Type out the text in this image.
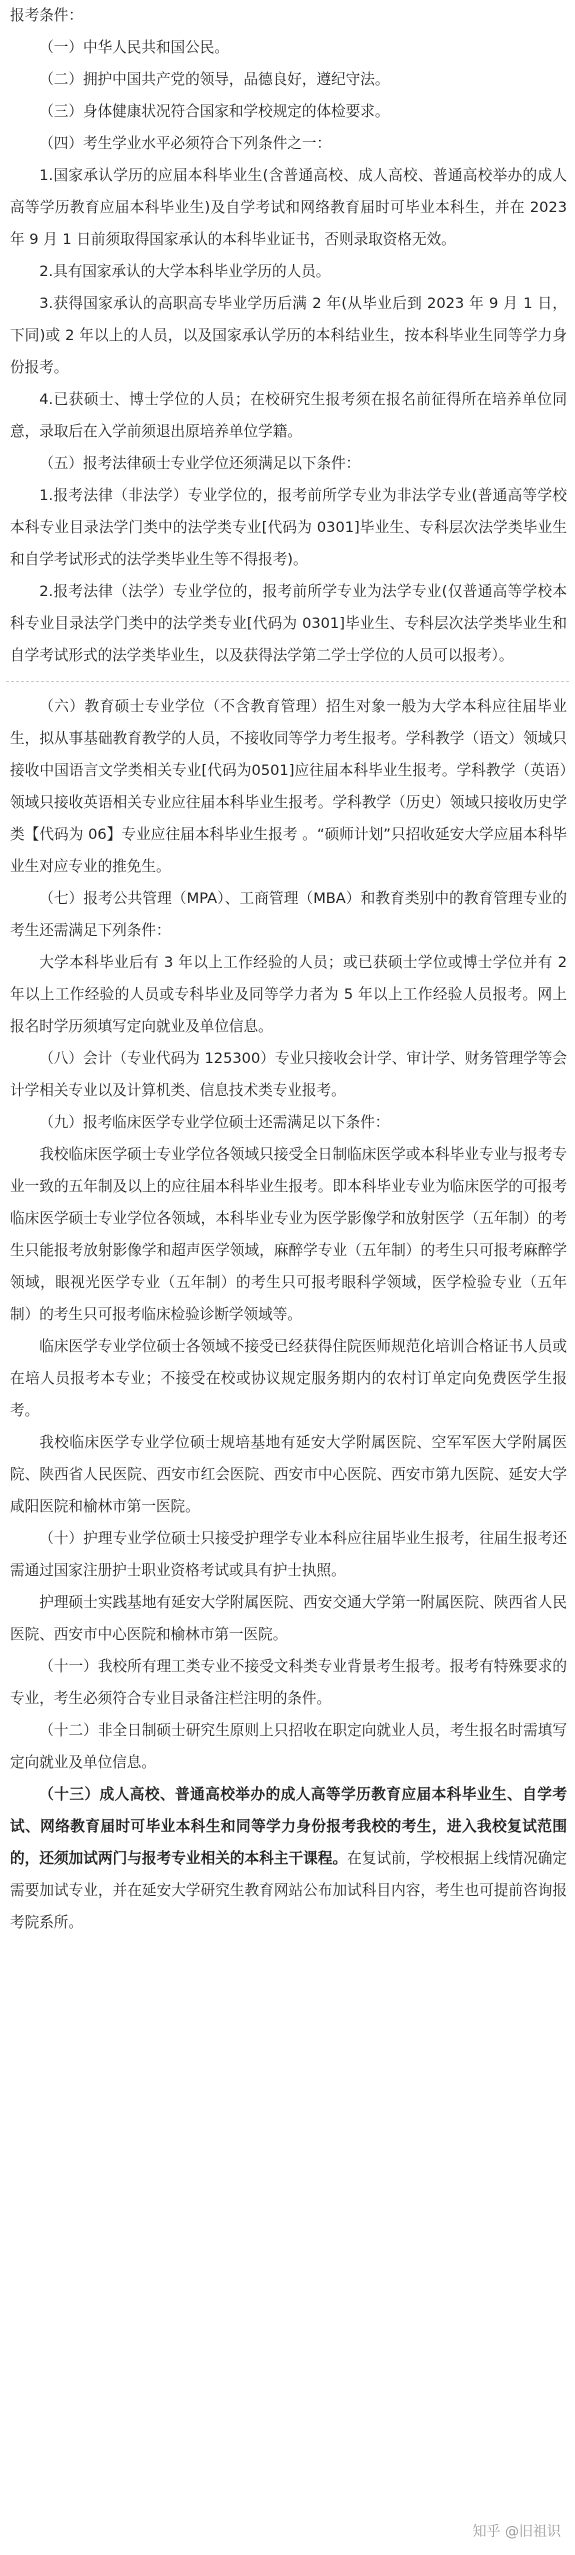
报考条件：

（一）中华人民共和国公民。

（二）拥护中国共产党的领导，品德良好，遵纪守法。

（三）身体健康状况符合国家和学校规定的体检要求。

（四）考生学业水平必须符合下列条件之一：

1.国家承认学历的应届本科毕业生(含普通高校、成人高校、普通高校举办的成人高等学历教育应届本科毕业生)及自学考试和网络教育届时可毕业本科生，并在 2023 年 9 月 1 日前须取得国家承认的本科毕业证书，否则录取资格无效。

2.具有国家承认的大学本科毕业学历的人员。

3.获得国家承认的高职高专毕业学历后满 2 年(从毕业后到 2023 年 9 月 1 日，下同)或 2 年以上的人员，以及国家承认学历的本科结业生，按本科毕业生同等学力身份报考。

4.已获硕士、博士学位的人员；在校研究生报考须在报名前征得所在培养单位同意，录取后在入学前须退出原培养单位学籍。

（五）报考法律硕士专业学位还须满足以下条件：

1.报考法律（非法学）专业学位的，报考前所学专业为非法学专业(普通高等学校本科专业目录法学门类中的法学类专业[代码为 0301]毕业生、专科层次法学类毕业生和自学考试形式的法学类毕业生等不得报考)。

2.报考法律（法学）专业学位的，报考前所学专业为法学专业(仅普通高等学校本科专业目录法学门类中的法学类专业[代码为 0301]毕业生、专科层次法学类毕业生和自学考试形式的法学类毕业生，以及获得法学第二学士学位的人员可以报考）。

（六）教育硕士专业学位（不含教育管理）招生对象一般为大学本科应往届毕业生，拟从事基础教育教学的人员，不接收同等学力考生报考。学科教学（语文）领域只接收中国语言文学类相关专业[代码为0501]应往届本科毕业生报考。学科教学（英语）领域只接收英语相关专业应往届本科毕业生报考。学科教学（历史）领域只接收历史学类【代码为 06】专业应往届本科毕业生报考 。“硕师计划”只招收延安大学应届本科毕业生对应专业的推免生。

（七）报考公共管理（MPA）、工商管理（MBA）和教育类别中的教育管理专业的考生还需满足下列条件：

大学本科毕业后有 3 年以上工作经验的人员；或已获硕士学位或博士学位并有 2 年以上工作经验的人员或专科毕业及同等学力者为 5 年以上工作经验人员报考。网上报名时学历须填写定向就业及单位信息。

（八）会计（专业代码为 125300）专业只接收会计学、审计学、财务管理学等会计学相关专业以及计算机类、信息技术类专业报考。

（九）报考临床医学专业学位硕士还需满足以下条件：

我校临床医学硕士专业学位各领域只接受全日制临床医学或本科毕业专业与报考专业一致的五年制及以上的应往届本科毕业生报考。即本科毕业专业为临床医学的可报考临床医学硕士专业学位各领域，本科毕业专业为医学影像学和放射医学（五年制）的考生只能报考放射影像学和超声医学领域，麻醉学专业（五年制）的考生只可报考麻醉学领域，眼视光医学专业（五年制）的考生只可报考眼科学领域，医学检验专业（五年制）的考生只可报考临床检验诊断学领域等。

临床医学专业学位硕士各领域不接受已经获得住院医师规范化培训合格证书人员或在培人员报考本专业；不接受在校或协议规定服务期内的农村订单定向免费医学生报考。

我校临床医学专业学位硕士规培基地有延安大学附属医院、空军军医大学附属医院、陕西省人民医院、西安市红会医院、西安市中心医院、西安市第九医院、延安大学咸阳医院和榆林市第一医院。

（十）护理专业学位硕士只接受护理学专业本科应往届毕业生报考，往届生报考还需通过国家注册护士职业资格考试或具有护士执照。

护理硕士实践基地有延安大学附属医院、西安交通大学第一附属医院、陕西省人民医院、西安市中心医院和榆林市第一医院。

（十一）我校所有理工类专业不接受文科类专业背景考生报考。报考有特殊要求的专业，考生必须符合专业目录备注栏注明的条件。

（十二）非全日制硕士研究生原则上只招收在职定向就业人员，考生报名时需填写定向就业及单位信息。

（十三）成人高校、普通高校举办的成人高等学历教育应届本科毕业生、自学考试、网络教育届时可毕业本科生和同等学力身份报考我校的考生，进入我校复试范围的，还须加试两门与报考专业相关的本科主干课程。在复试前，学校根据上线情况确定需要加试专业，并在延安大学研究生教育网站公布加试科目内容，考生也可提前咨询报考院系所。

知乎 @旧祖识
